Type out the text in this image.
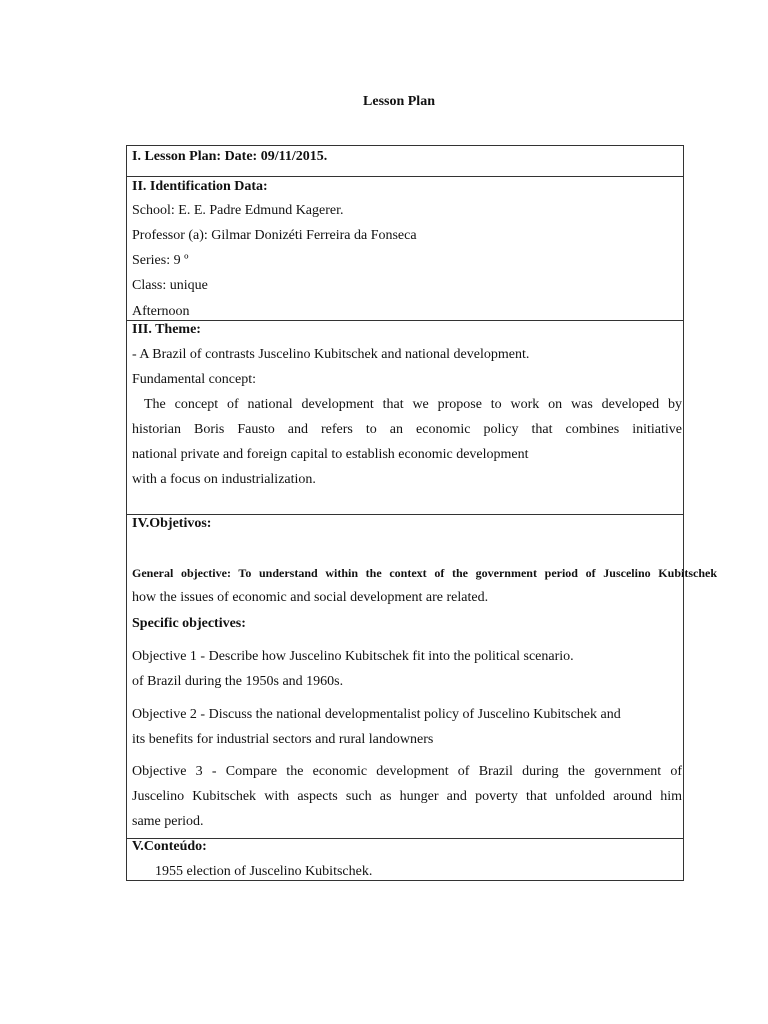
Lesson Plan
I. Lesson Plan: Date: 09/11/2015.
II. Identification Data:
School: E. E. Padre Edmund Kagerer.
Professor (a): Gilmar Donizéti Ferreira da Fonseca
Series: 9 º
Class: unique
Afternoon
III. Theme:
- A Brazil of contrasts Juscelino Kubitschek and national development.
Fundamental concept:
The concept of national development that we propose to work on was developed by
historian Boris Fausto and refers to an economic policy that combines initiative
national private and foreign capital to establish economic development
with a focus on industrialization.
IV.Objetivos:
General objective: To understand within the context of the government period of Juscelino Kubitschek
how the issues of economic and social development are related.
Specific objectives:
Objective 1 - Describe how Juscelino Kubitschek fit into the political scenario.
of Brazil during the 1950s and 1960s.
Objective 2 - Discuss the national developmentalist policy of Juscelino Kubitschek and
its benefits for industrial sectors and rural landowners
Objective 3 - Compare the economic development of Brazil during the government of
Juscelino Kubitschek with aspects such as hunger and poverty that unfolded around him
same period.
V.Conteúdo:
1955 election of Juscelino Kubitschek.
